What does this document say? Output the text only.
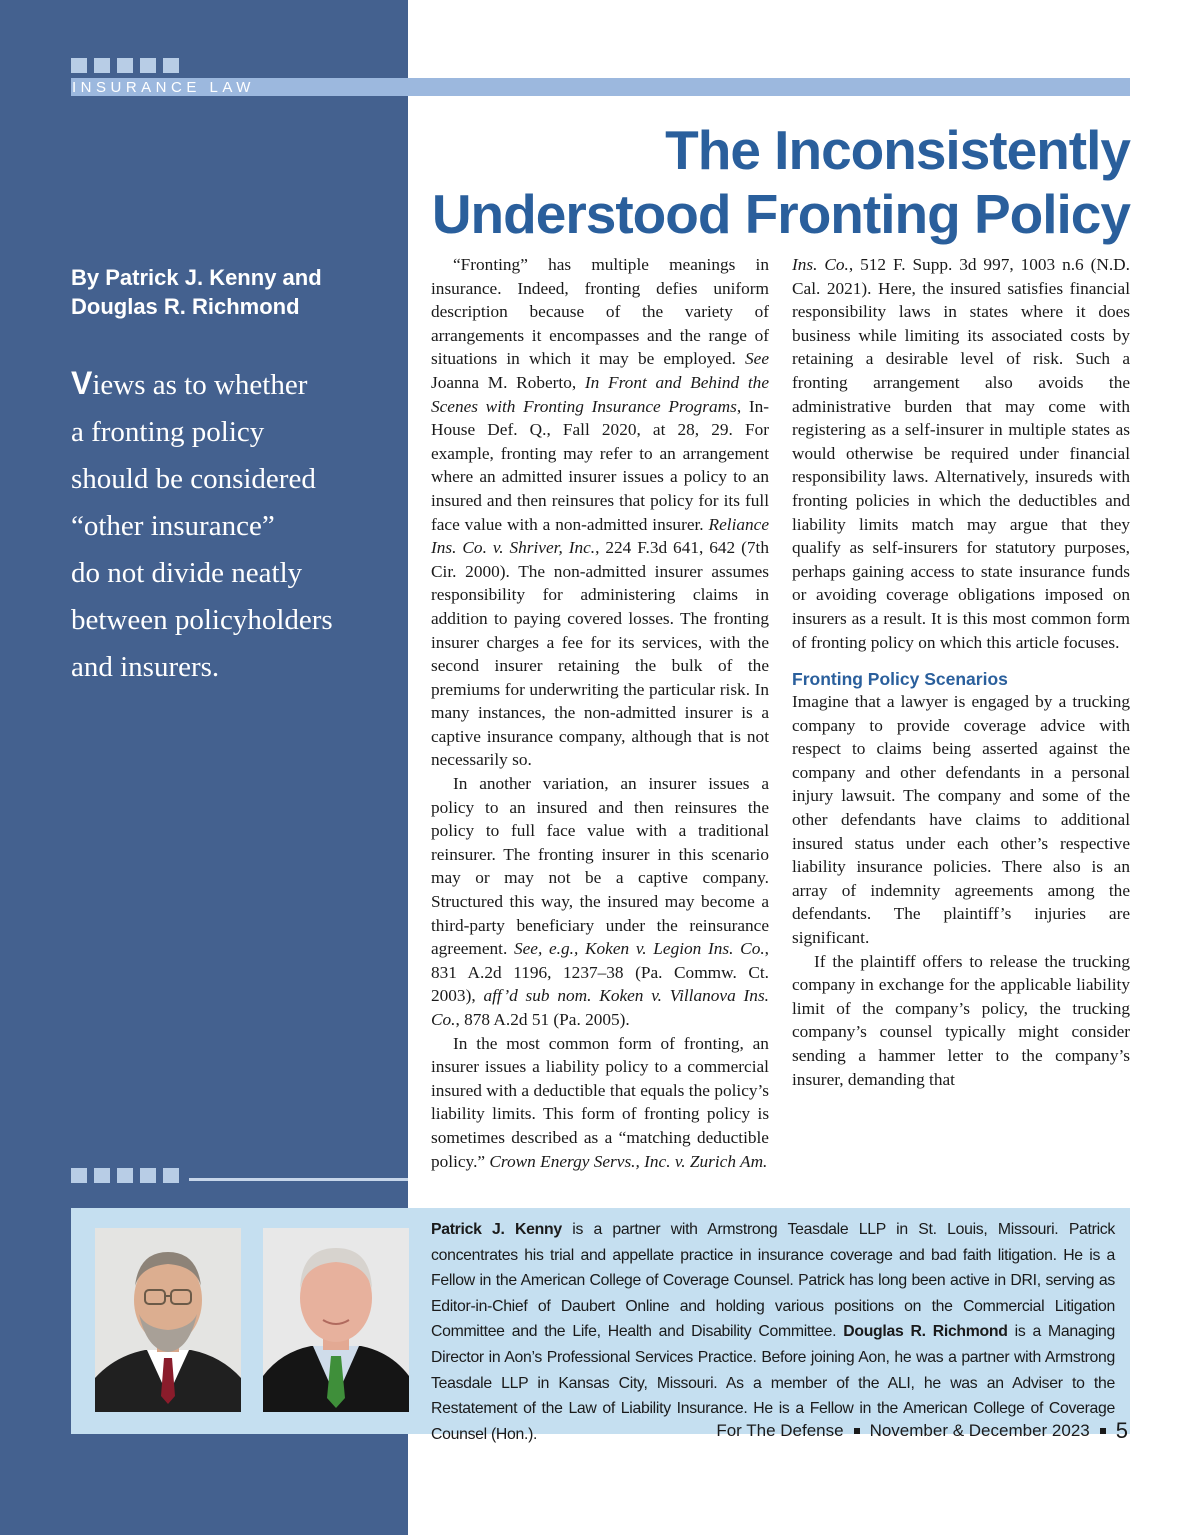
INSURANCE LAW
The Inconsistently
Understood Fronting Policy
By Patrick J. Kenny and
Douglas R. Richmond
Views as to whether
a fronting policy
should be considered
“other insurance”
do not divide neatly
between policyholders
and insurers.

“Fronting” has multiple meanings in insurance. Indeed, fronting defies uniform description because of the variety of arrangements it encompasses and the range of situations in which it may be employed. See Joanna M. Roberto, In Front and Behind the Scenes with Fronting Insurance Programs, In-House Def. Q., Fall 2020, at 28, 29. For example, fronting may refer to an arrangement where an admitted insurer issues a policy to an insured and then reinsures that policy for its full face value with a non-admitted insurer. Reliance Ins. Co. v. Shriver, Inc., 224 F.3d 641, 642 (7th Cir. 2000). The non-admitted insurer assumes responsibility for administering claims in addition to paying covered losses. The fronting insurer charges a fee for its services, with the second insurer retaining the bulk of the premiums for underwriting the particular risk. In many instances, the non-admitted insurer is a captive insurance company, although that is not necessarily so.

In another variation, an insurer issues a policy to an insured and then reinsures the policy to full face value with a traditional reinsurer. The fronting insurer in this scenario may or may not be a captive company. Structured this way, the insured may become a third-party beneficiary under the reinsurance agreement. See, e.g., Koken v. Legion Ins. Co., 831 A.2d 1196, 1237–38 (Pa. Commw. Ct. 2003), aff’d sub nom. Koken v. Villanova Ins. Co., 878 A.2d 51 (Pa. 2005).

In the most common form of fronting, an insurer issues a liability policy to a commercial insured with a deductible that equals the policy’s liability limits. This form of fronting policy is sometimes described as a “matching deductible policy.” Crown Energy Servs., Inc. v. Zurich Am.

Ins. Co., 512 F. Supp. 3d 997, 1003 n.6 (N.D. Cal. 2021). Here, the insured satisfies financial responsibility laws in states where it does business while limiting its associated costs by retaining a desirable level of risk. Such a fronting arrangement also avoids the administrative burden that may come with registering as a self-insurer in multiple states as would otherwise be required under financial responsibility laws. Alternatively, insureds with fronting policies in which the deductibles and liability limits match may argue that they qualify as self-insurers for statutory purposes, perhaps gaining access to state insurance funds or avoiding coverage obligations imposed on insurers as a result. It is this most common form of fronting policy on which this article focuses.

Fronting Policy Scenarios

Imagine that a lawyer is engaged by a trucking company to provide coverage advice with respect to claims being asserted against the company and other defendants in a personal injury lawsuit. The company and some of the other defendants have claims to additional insured status under each other’s respective liability insurance policies. There also is an array of indemnity agreements among the defendants. The plaintiff’s injuries are significant.

If the plaintiff offers to release the trucking company in exchange for the applicable liability limit of the company’s policy, the trucking company’s counsel typically might consider sending a hammer letter to the company’s insurer, demanding that

Patrick J. Kenny is a partner with Armstrong Teasdale LLP in St. Louis, Missouri. Patrick concentrates his trial and appellate practice in insurance coverage and bad faith litigation. He is a Fellow in the American College of Coverage Counsel. Patrick has long been active in DRI, serving as Editor-in-Chief of Daubert Online and holding various positions on the Commercial Litigation Committee and the Life, Health and Disability Committee. Douglas R. Richmond is a Managing Director in Aon’s Professional Services Practice. Before joining Aon, he was a partner with Armstrong Teasdale LLP in Kansas City, Missouri. As a member of the ALI, he was an Adviser to the Restatement of the Law of Liability Insurance. He is a Fellow in the American College of Coverage Counsel (Hon.).	For The Defense November & December 2023 5
